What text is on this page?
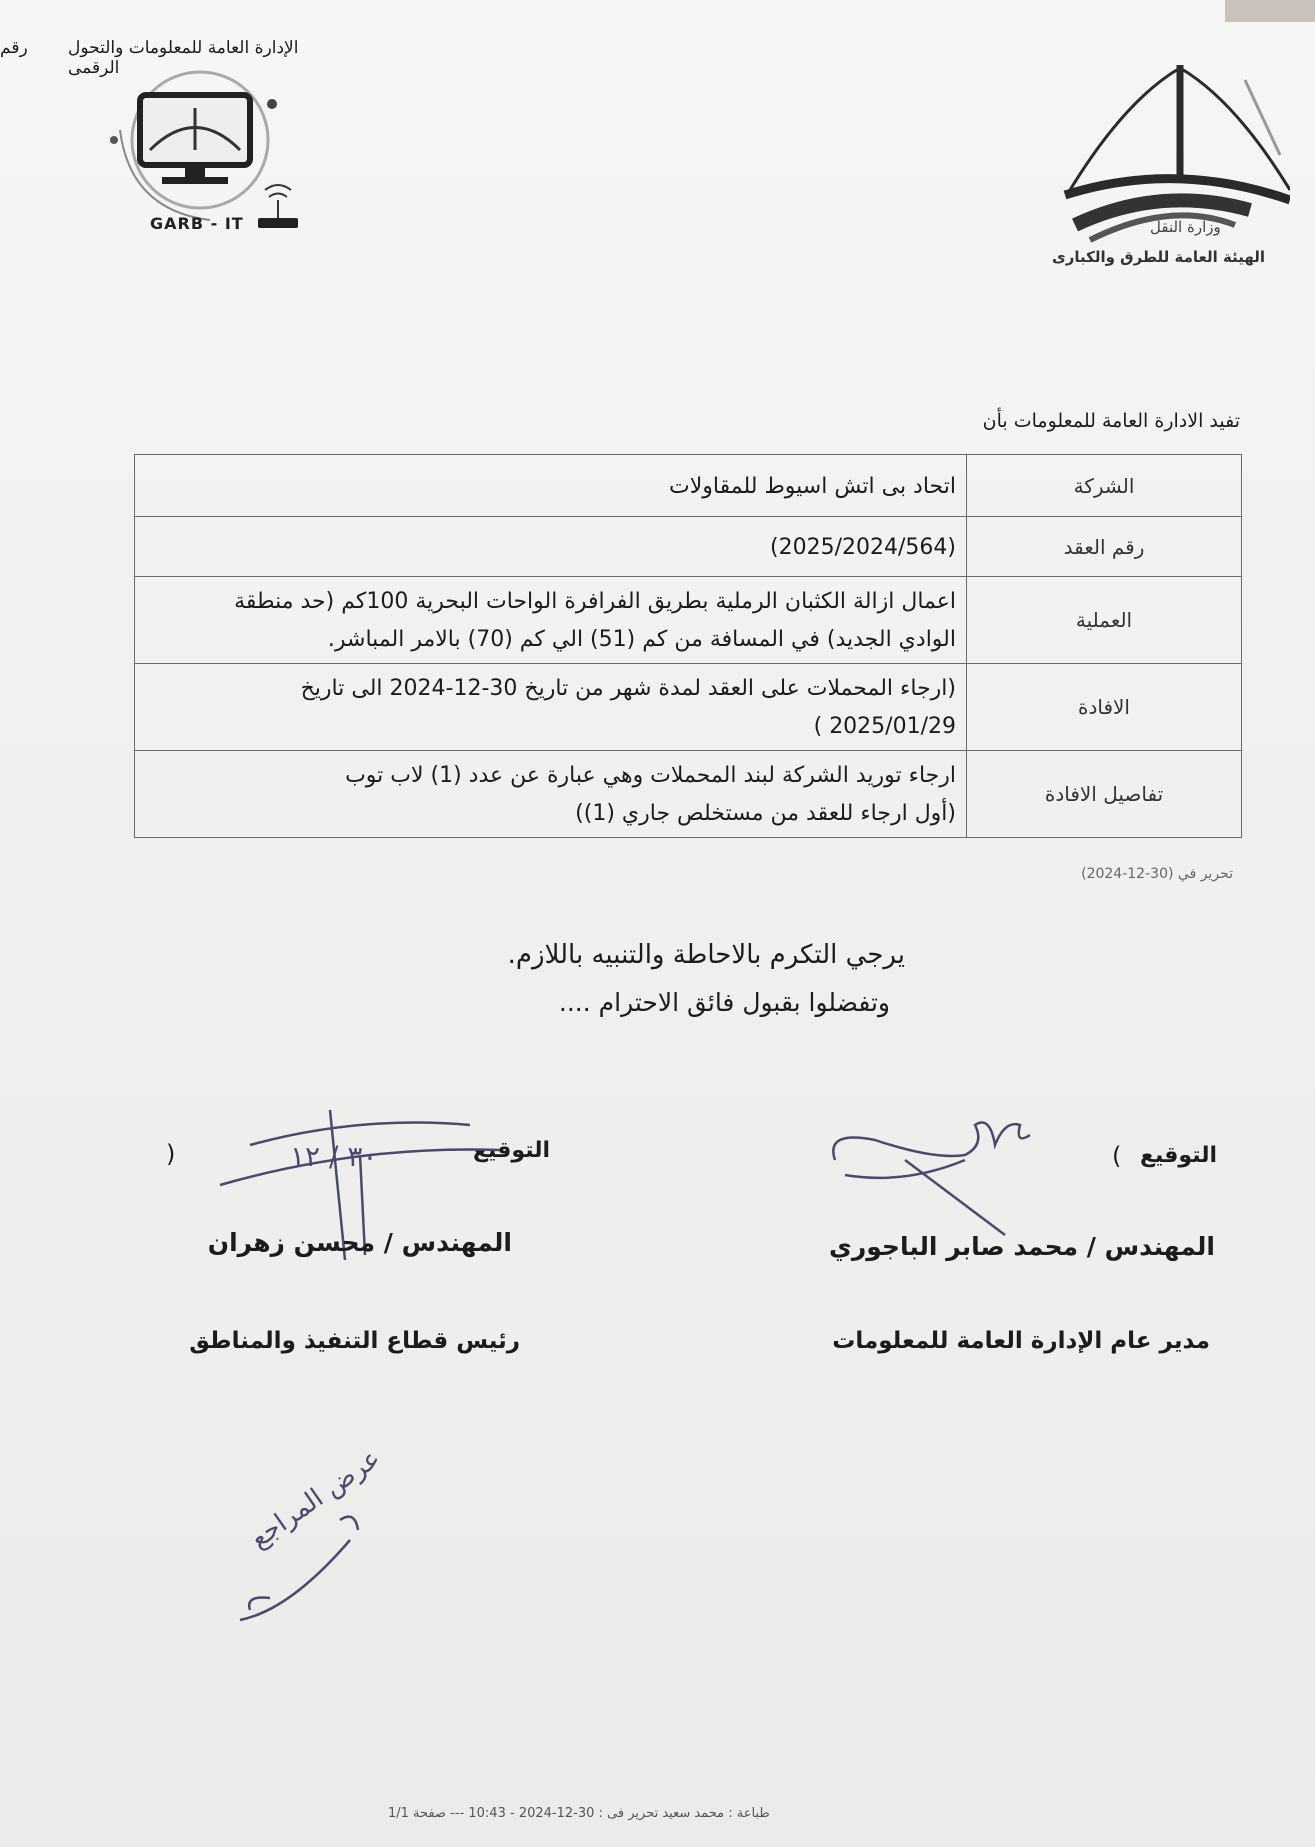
الإدارة العامة للمعلومات والتحول الرقمى
رقم
GARB - IT	وزارة النقل
الهيئة العامة للطرق والكبارى
تفيد الادارة العامة للمعلومات بأن
الشركة	اتحاد بى اتش اسيوط للمقاولات

رقم العقد	(2025/2024/564)

العملية	اعمال ازالة الكثبان الرملية بطريق الفرافرة الواحات البحرية 100كم (حد منطقة
الوادي الجديد) في المسافة من كم (51) الي كم (70) بالامر المباشر.

الافادة	(ارجاء المحملات على العقد لمدة شهر من تاريخ 30-12-2024 الى تاريخ
2025/01/29 )

تفاصيل الافادة	ارجاء توريد الشركة لبند المحملات وهي عبارة عن عدد (1) لاب توب
(أول ارجاء للعقد من مستخلص جاري (1))
تحرير في (30-12-2024)
يرجي التكرم بالاحاطة والتنبيه باللازم.
وتفضلوا بقبول فائق الاحترام ....
التوقيع
(
التوقيع
)	٣٠ / ١٢
المهندس / محمد صابر الباجوري
المهندس / محسن زهران
مدير عام الإدارة العامة للمعلومات
رئيس قطاع التنفيذ والمناطق
عرض المراجع
طباعة : محمد سعيد تحرير فى : 30-12-2024 - 10:43 --- صفحة 1/1
